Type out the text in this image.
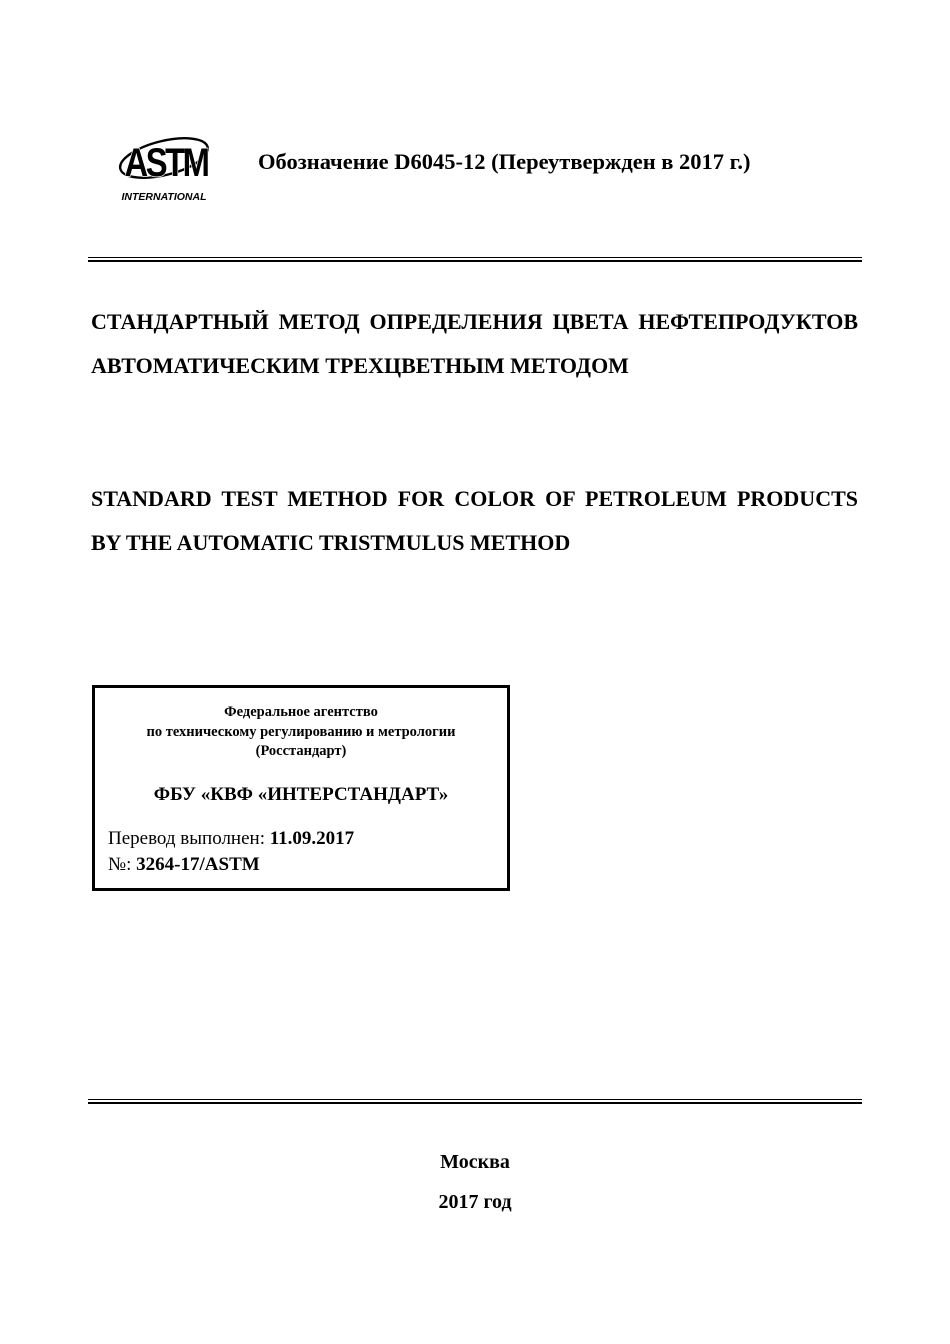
ASTM
INTERNATIONAL
Обозначение D6045-12 (Переутвержден в 2017 г.)
СТАНДАРТНЫЙ МЕТОД ОПРЕДЕЛЕНИЯ ЦВЕТА НЕФТЕПРОДУКТОВ АВТОМАТИЧЕСКИМ ТРЕХЦВЕТНЫМ МЕТОДОМ
STANDARD TEST METHOD FOR COLOR OF PETROLEUM PRODUCTS BY THE AUTOMATIC TRISTMULUS METHOD
Федеральное агентство
по техническому регулированию и метрологии
(Росстандарт)
ФБУ «КВФ «ИНТЕРСТАНДАРТ»
Перевод выполнен: 11.09.2017
№: 3264-17/ASTM
Москва
2017 год
